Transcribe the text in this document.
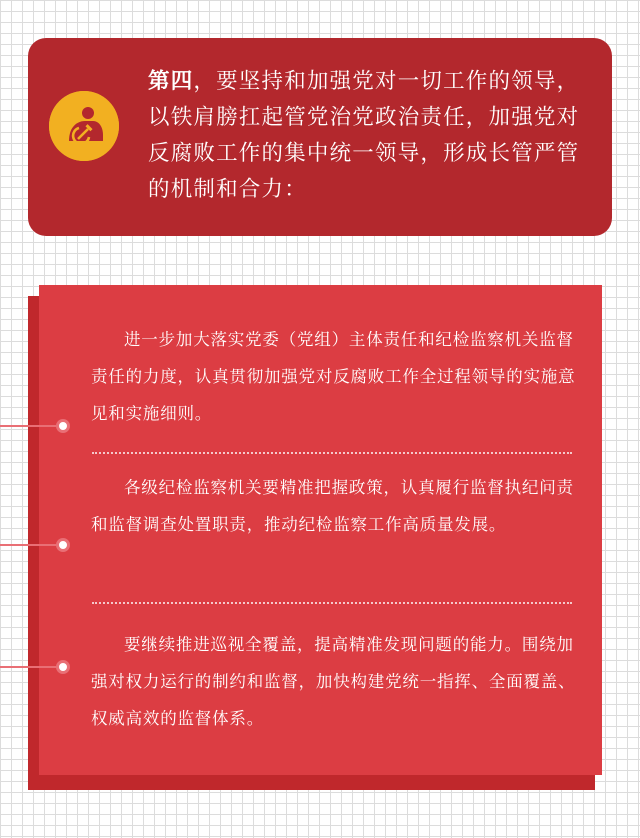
第四，要坚持和加强党对一切工作的领导，以铁肩膀扛起管党治党政治责任，加强党对反腐败工作的集中统一领导，形成长管严管的机制和合力：
进一步加大落实党委（党组）主体责任和纪检监察机关监督责任的力度，认真贯彻加强党对反腐败工作全过程领导的实施意见和实施细则。
各级纪检监察机关要精准把握政策，认真履行监督执纪问责和监督调查处置职责，推动纪检监察工作高质量发展。
要继续推进巡视全覆盖，提高精准发现问题的能力。围绕加强对权力运行的制约和监督，加快构建党统一指挥、全面覆盖、权威高效的监督体系。
